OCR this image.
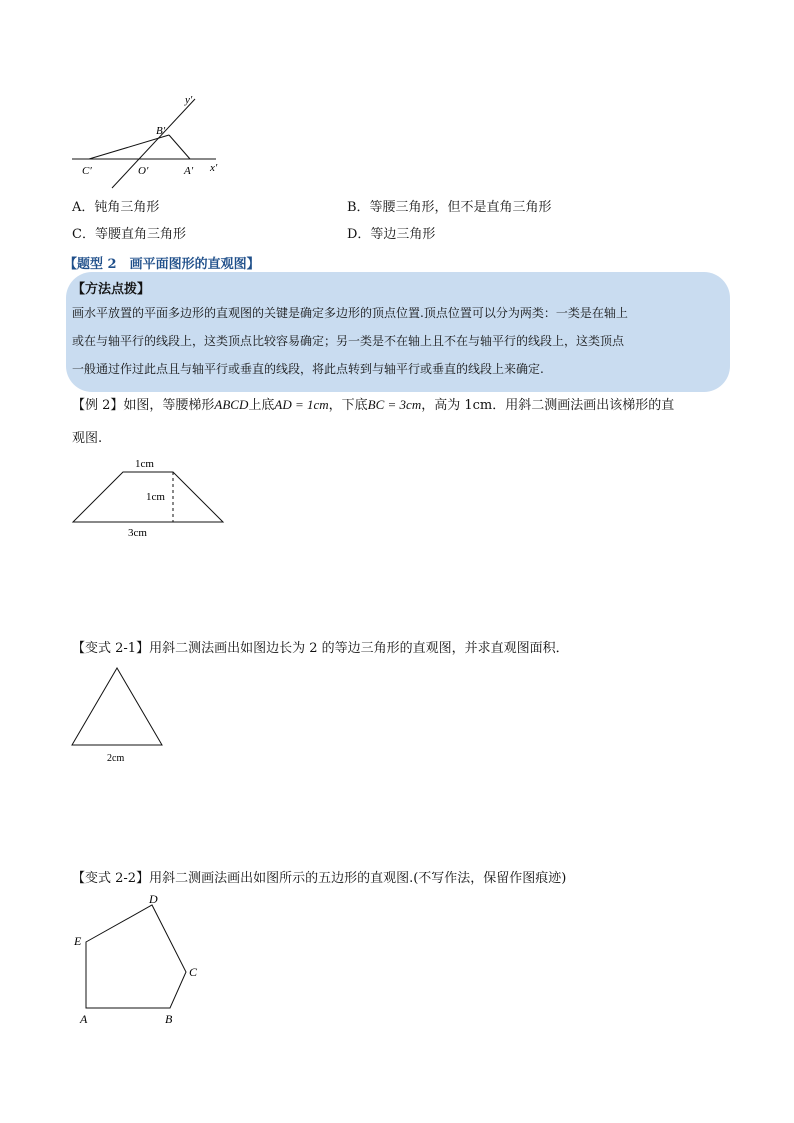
y′
x′
B′
C′	O′	A′
A．钝角三角形	B．等腰三角形，但不是直角三角形
C．等腰直角三角形	D．等边三角形
【题型 2　画平面图形的直观图】
【方法点拨】
画水平放置的平面多边形的直观图的关键是确定多边形的顶点位置.顶点位置可以分为两类：一类是在轴上
或在与轴平行的线段上，这类顶点比较容易确定；另一类是不在轴上且不在与轴平行的线段上，这类顶点
一般通过作过此点且与轴平行或垂直的线段，将此点转到与轴平行或垂直的线段上来确定.
【例 2】如图，等腰梯形ABCD上底AD = 1cm，下底BC = 3cm，高为 1cm．用斜二测画法画出该梯形的直
观图.
1cm
1cm
3cm
【变式 2-1】用斜二测法画出如图边长为 2 的等边三角形的直观图，并求直观图面积．
2cm
【变式 2-2】用斜二测画法画出如图所示的五边形的直观图.(不写作法，保留作图痕迹)
D
E
C
A	B
